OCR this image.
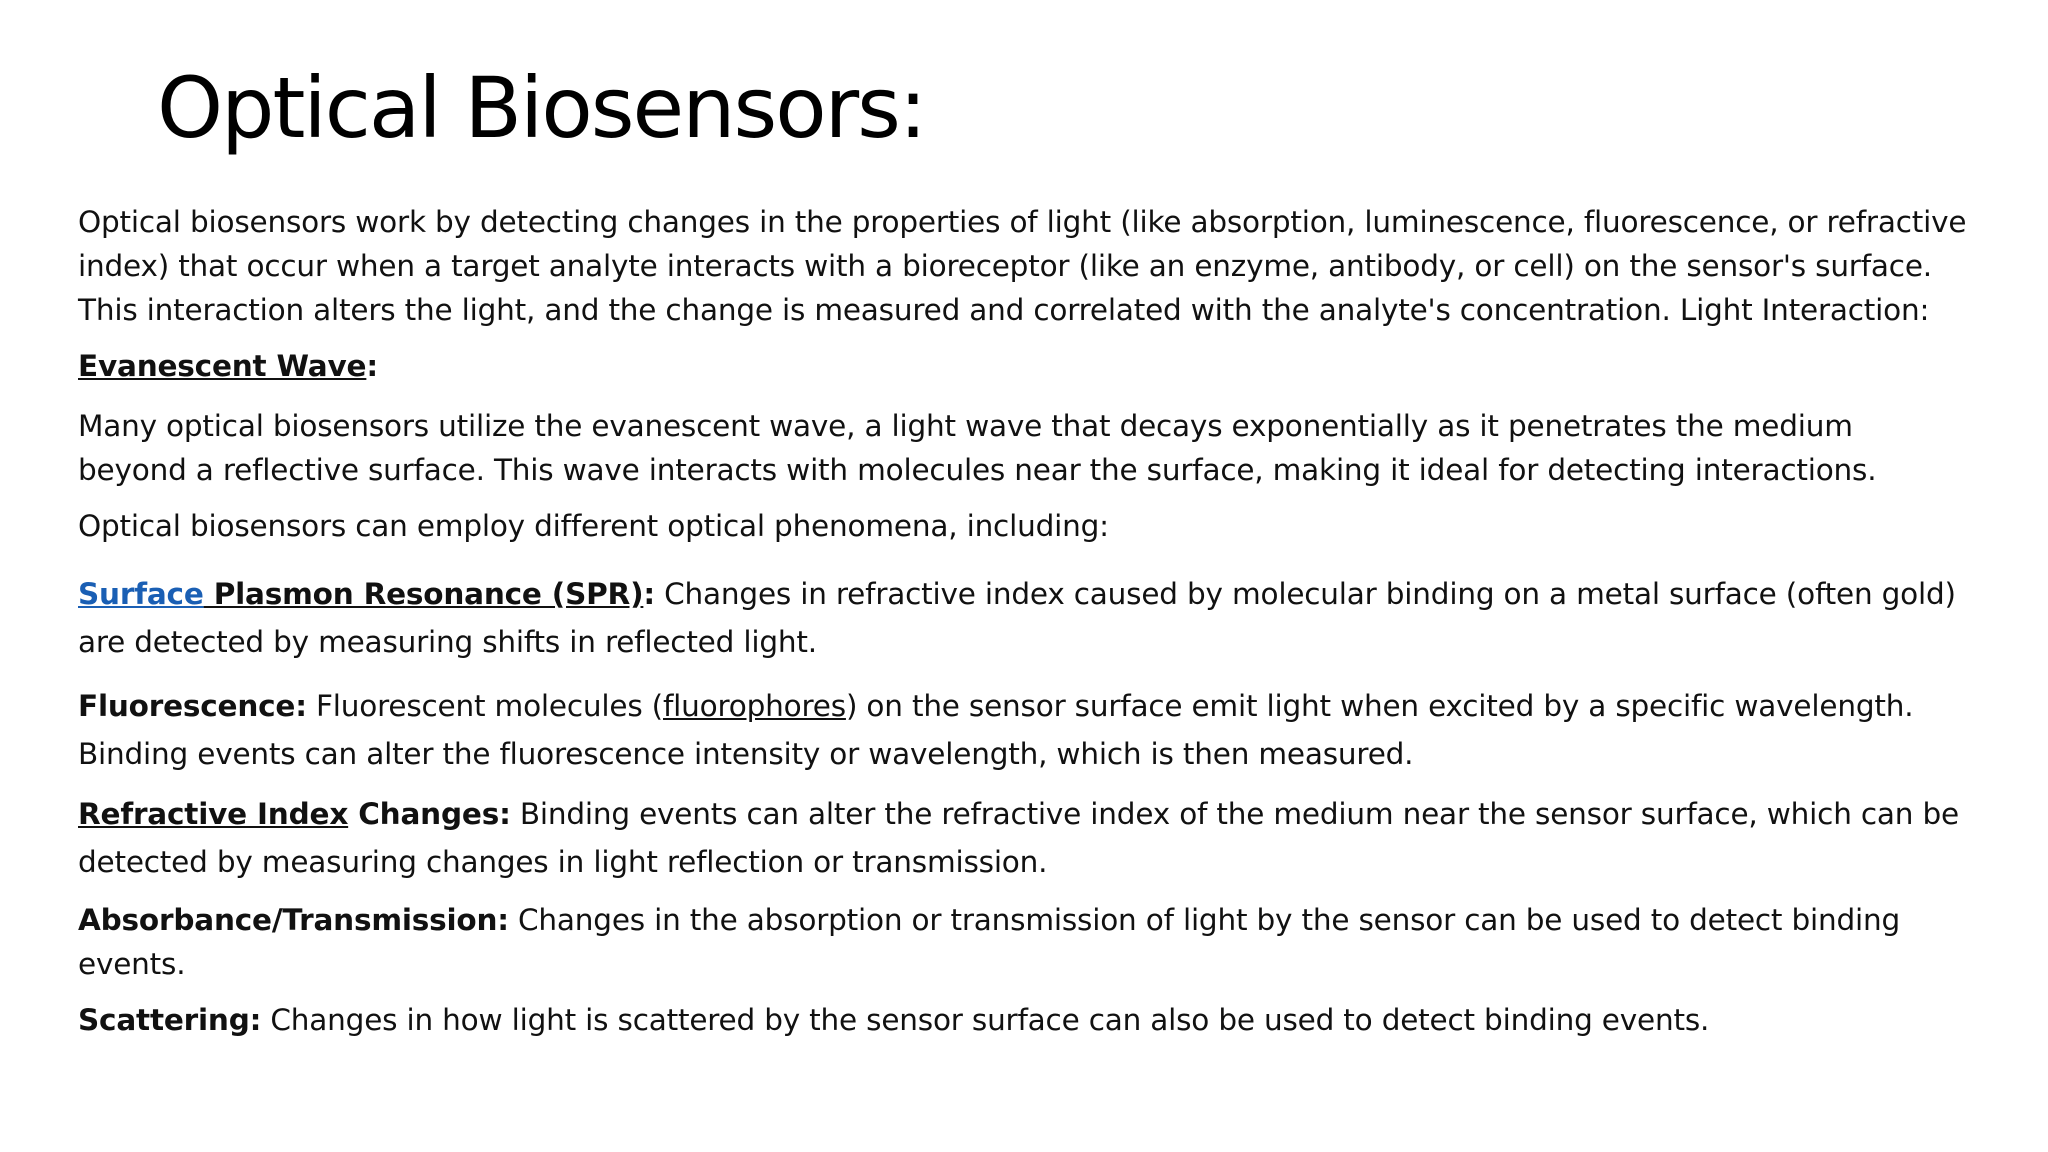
Optical Biosensors:

Optical biosensors work by detecting changes in the properties of light (like absorption, luminescence, fluorescence, or refractive index) that occur when a target analyte interacts with a bioreceptor (like an enzyme, antibody, or cell) on the sensor's surface. This interaction alters the light, and the change is measured and correlated with the analyte's concentration. Light Interaction:

Evanescent Wave:

Many optical biosensors utilize the evanescent wave, a light wave that decays exponentially as it penetrates the medium beyond a reflective surface. This wave interacts with molecules near the surface, making it ideal for detecting interactions.

Optical biosensors can employ different optical phenomena, including:

Surface Plasmon Resonance (SPR): Changes in refractive index caused by molecular binding on a metal surface (often gold) are detected by measuring shifts in reflected light.

Fluorescence: Fluorescent molecules (fluorophores) on the sensor surface emit light when excited by a specific wavelength. Binding events can alter the fluorescence intensity or wavelength, which is then measured.

Refractive Index Changes: Binding events can alter the refractive index of the medium near the sensor surface, which can be detected by measuring changes in light reflection or transmission.

Absorbance/Transmission: Changes in the absorption or transmission of light by the sensor can be used to detect binding events.

Scattering: Changes in how light is scattered by the sensor surface can also be used to detect binding events.
